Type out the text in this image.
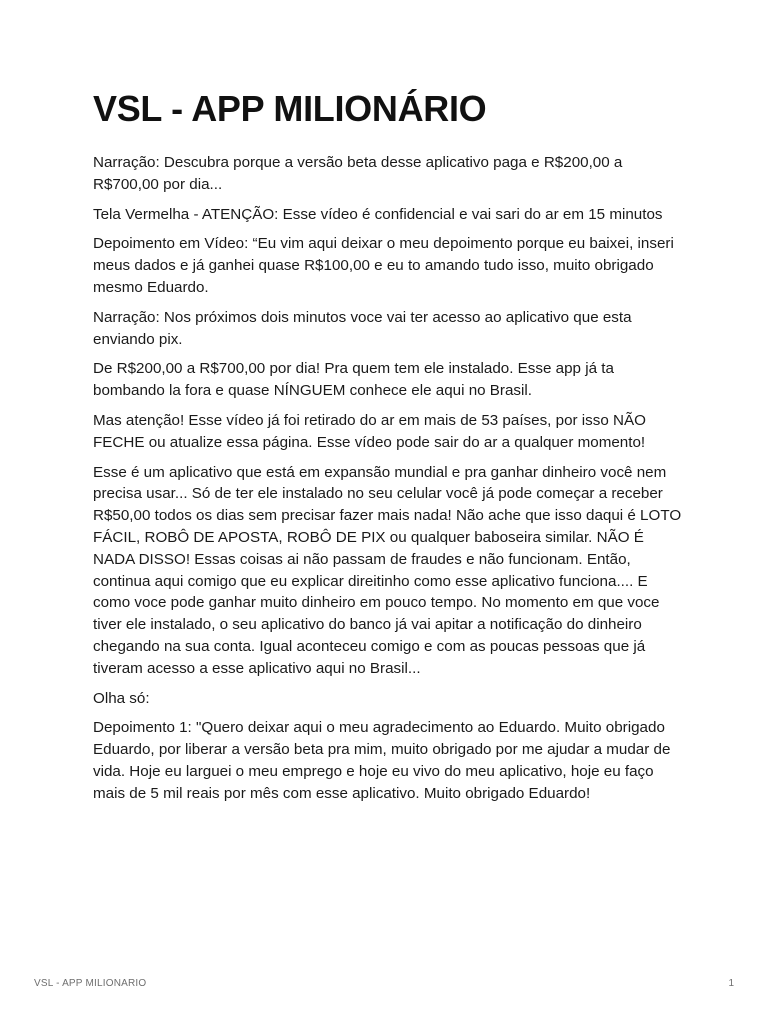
VSL - APP MILIONÁRIO

Narração: Descubra porque a versão beta desse aplicativo paga e R$200,00 a R$700,00 por dia...

Tela Vermelha - ATENÇÃO: Esse vídeo é confidencial e vai sari do ar em 15 minutos

Depoimento em Vídeo: “Eu vim aqui deixar o meu depoimento porque eu baixei, inseri meus dados e já ganhei quase R$100,00 e eu to amando tudo isso, muito obrigado mesmo Eduardo.

Narração: Nos próximos dois minutos voce vai ter acesso ao aplicativo que esta enviando pix.

De R$200,00 a R$700,00 por dia! Pra quem tem ele instalado. Esse app já ta bombando la fora e quase NÍNGUEM conhece ele aqui no Brasil.

Mas atenção! Esse vídeo já foi retirado do ar em mais de 53 países, por isso NÃO FECHE ou atualize essa página. Esse vídeo pode sair do ar a qualquer momento!

Esse é um aplicativo que está em expansão mundial e pra ganhar dinheiro você nem precisa usar... Só de ter ele instalado no seu celular você já pode começar a receber R$50,00 todos os dias sem precisar fazer mais nada! Não ache que isso daqui é LOTO FÁCIL, ROBÔ DE APOSTA, ROBÔ DE PIX ou qualquer baboseira similar. NÃO É NADA DISSO! Essas coisas ai não passam de fraudes e não funcionam. Então, continua aqui comigo que eu explicar direitinho como esse aplicativo funciona.... E como voce pode ganhar muito dinheiro em pouco tempo. No momento em que voce tiver ele instalado, o seu aplicativo do banco já vai apitar a notificação do dinheiro chegando na sua conta. Igual aconteceu comigo e com as poucas pessoas que já tiveram acesso a esse aplicativo aqui no Brasil...

Olha só:

Depoimento 1: "Quero deixar aqui o meu agradecimento ao Eduardo. Muito obrigado Eduardo, por liberar a versão beta pra mim, muito obrigado por me ajudar a mudar de vida. Hoje eu larguei o meu emprego e hoje eu vivo do meu aplicativo, hoje eu faço mais de 5 mil reais por mês com esse aplicativo. Muito obrigado Eduardo!

VSL - APP MILIONARIO	1
